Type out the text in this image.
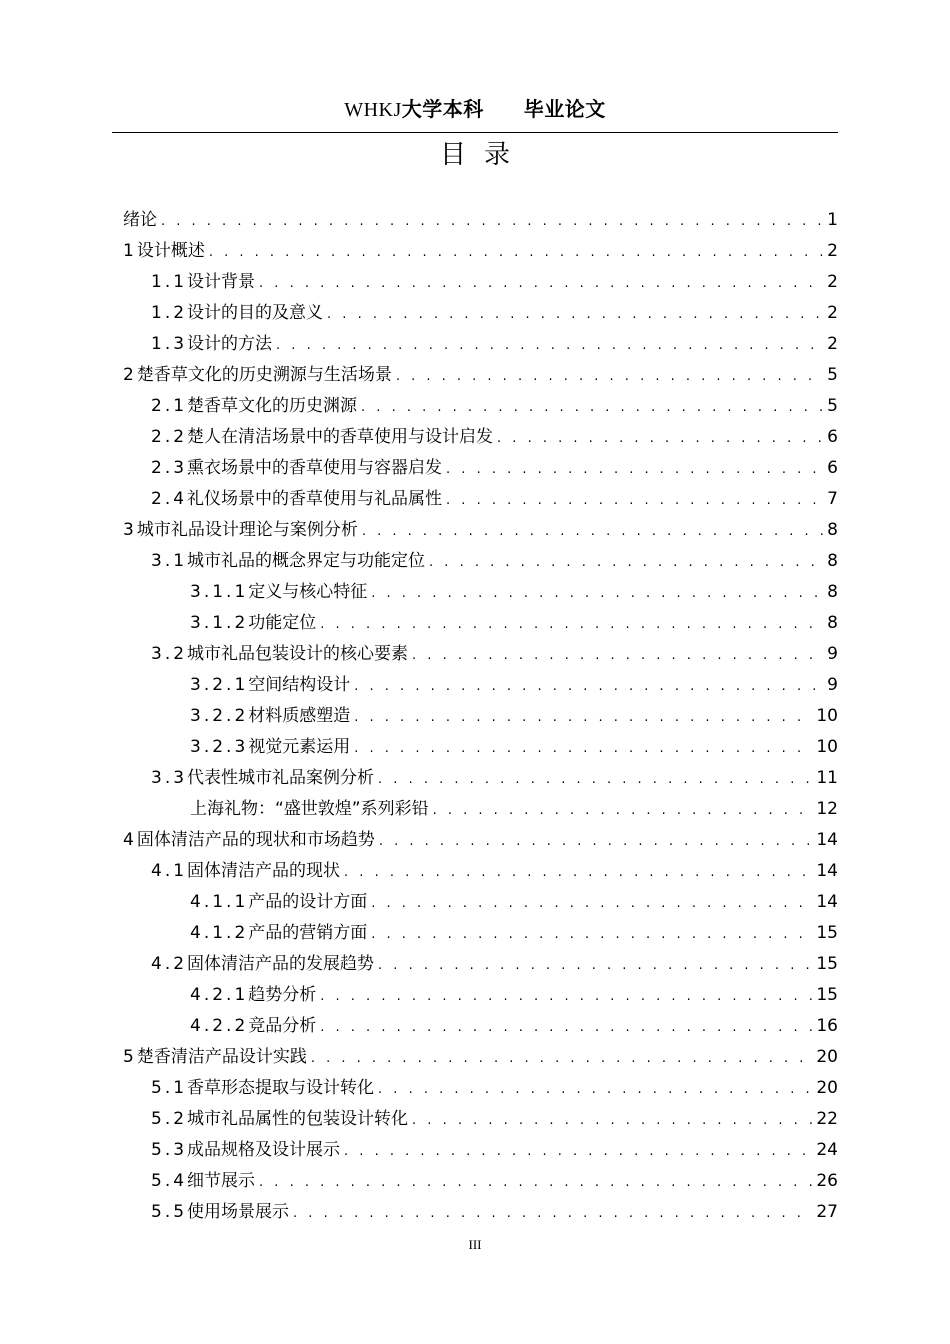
WHKJ大学本科 毕业论文
目录
绪论 . . .	1
1 设计概述 . . .	2
1.1 设计背景 . . .	2
1.2 设计的目的及意义 . . .	2
1.3 设计的方法 . . .	2
2 楚香草文化的历史溯源与生活场景 . . .	5
2.1 楚香草文化的历史渊源 . . .	5
2.2 楚人在清洁场景中的香草使用与设计启发 . . .	6
2.3 熏衣场景中的香草使用与容器启发 . . .	6
2.4 礼仪场景中的香草使用与礼品属性 . . .	7
3 城市礼品设计理论与案例分析 . . .	8
3.1 城市礼品的概念界定与功能定位 . . .	8
3.1.1 定义与核心特征 . . .	8
3.1.2 功能定位 . . .	8
3.2 城市礼品包装设计的核心要素 . . .	9
3.2.1 空间结构设计 . . .	9
3.2.2 材料质感塑造 . . .	10
3.2.3 视觉元素运用 . . .	10
3.3 代表性城市礼品案例分析 . . .	11
上海礼物：“盛世敦煌”系列彩铅 . . .	12
4 固体清洁产品的现状和市场趋势 . . .	14
4.1 固体清洁产品的现状 . . .	14
4.1.1 产品的设计方面 . . .	14
4.1.2 产品的营销方面 . . .	15
4.2 固体清洁产品的发展趋势 . . .	15
4.2.1 趋势分析 . . .	15
4.2.2 竞品分析 . . .	16
5 楚香清洁产品设计实践 . . .	20
5.1 香草形态提取与设计转化 . . .	20
5.2 城市礼品属性的包装设计转化 . . .	22
5.3 成品规格及设计展示 . . .	24
5.4 细节展示 . . .	26
5.5 使用场景展示 . . .	27
III
